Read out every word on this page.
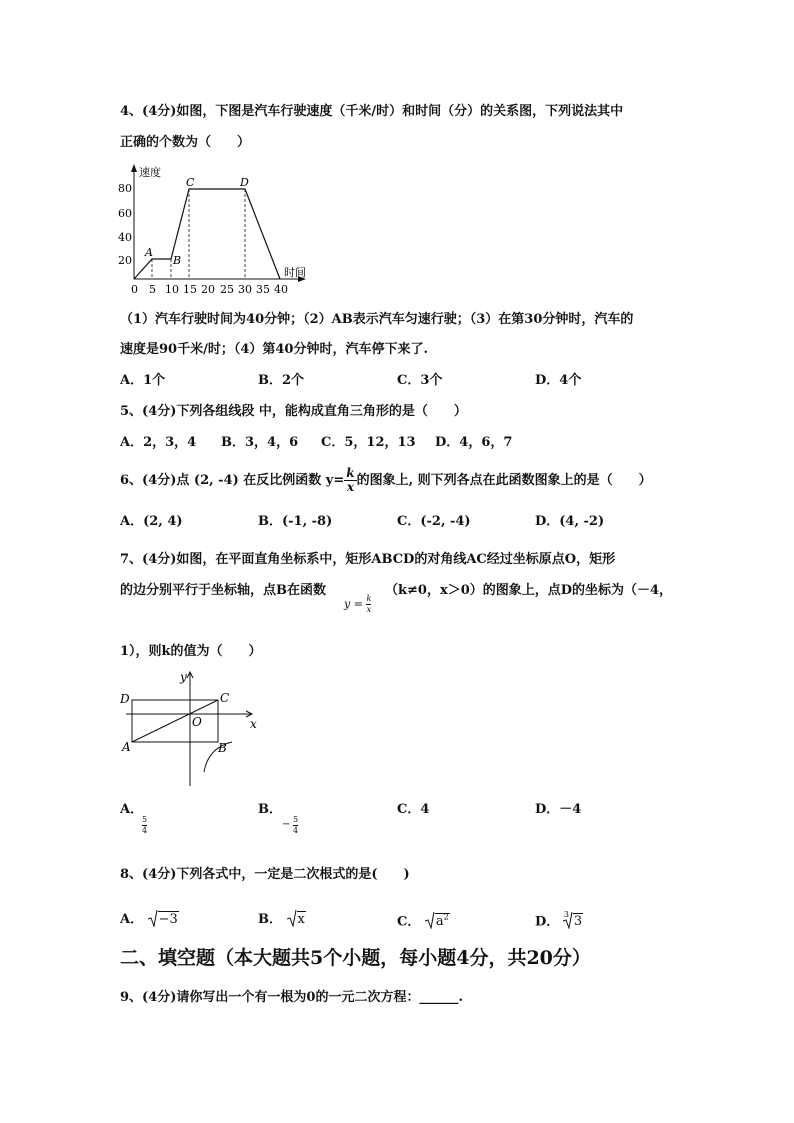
4、(4分)如图，下图是汽车行驶速度（千米/时）和时间（分）的关系图，下列说法其中
正确的个数为（　　）
速度
时间
80
60
40
20
0 5 10 15 20 25 30 35 40
A
B
C	D
（1）汽车行驶时间为40分钟；（2）AB表示汽车匀速行驶；（3）在第30分钟时，汽车的
速度是90千米/时；（4）第40分钟时，汽车停下来了.
A．1个	B．2个	C．3个	D．4个
5、(4分)下列各组线段 中，能构成直角三角形的是（　　）
A．2，3，4 B．3，4，6 C．5，12，13 D．4，6，7
6、(4分)点 (2, -4) 在反比例函数 $y= \frac{k}{x}$ 的图象上, 则下列各点在此函数图象上的是（　　）
A．(2, 4)	B．(-1, -8)	C．(-2, -4)	D．(4, -2)
7、(4分)如图，在平面直角坐标系中，矩形ABCD的对角线AC经过坐标原点O，矩形
的边分别平行于坐标轴，点B在函数
$y = \frac{k}{x}$
（k≠0，x＞0）的图象上，点D的坐标为（－4，
1），则k的值为（　　）
D	C
A	B
O	x
y
A．
$\frac{5}{4}$
B．
− $\frac{5}{4}$
C．4	D．－4
8、(4分)下列各式中，一定是二次根式的是(　　)
A． −3	B． x	C． $a^2$	D． $^3$ 3
二、填空题（本大题共5个小题，每小题4分，共20分）
9、(4分)请你写出一个有一根为0的一元二次方程：______.
